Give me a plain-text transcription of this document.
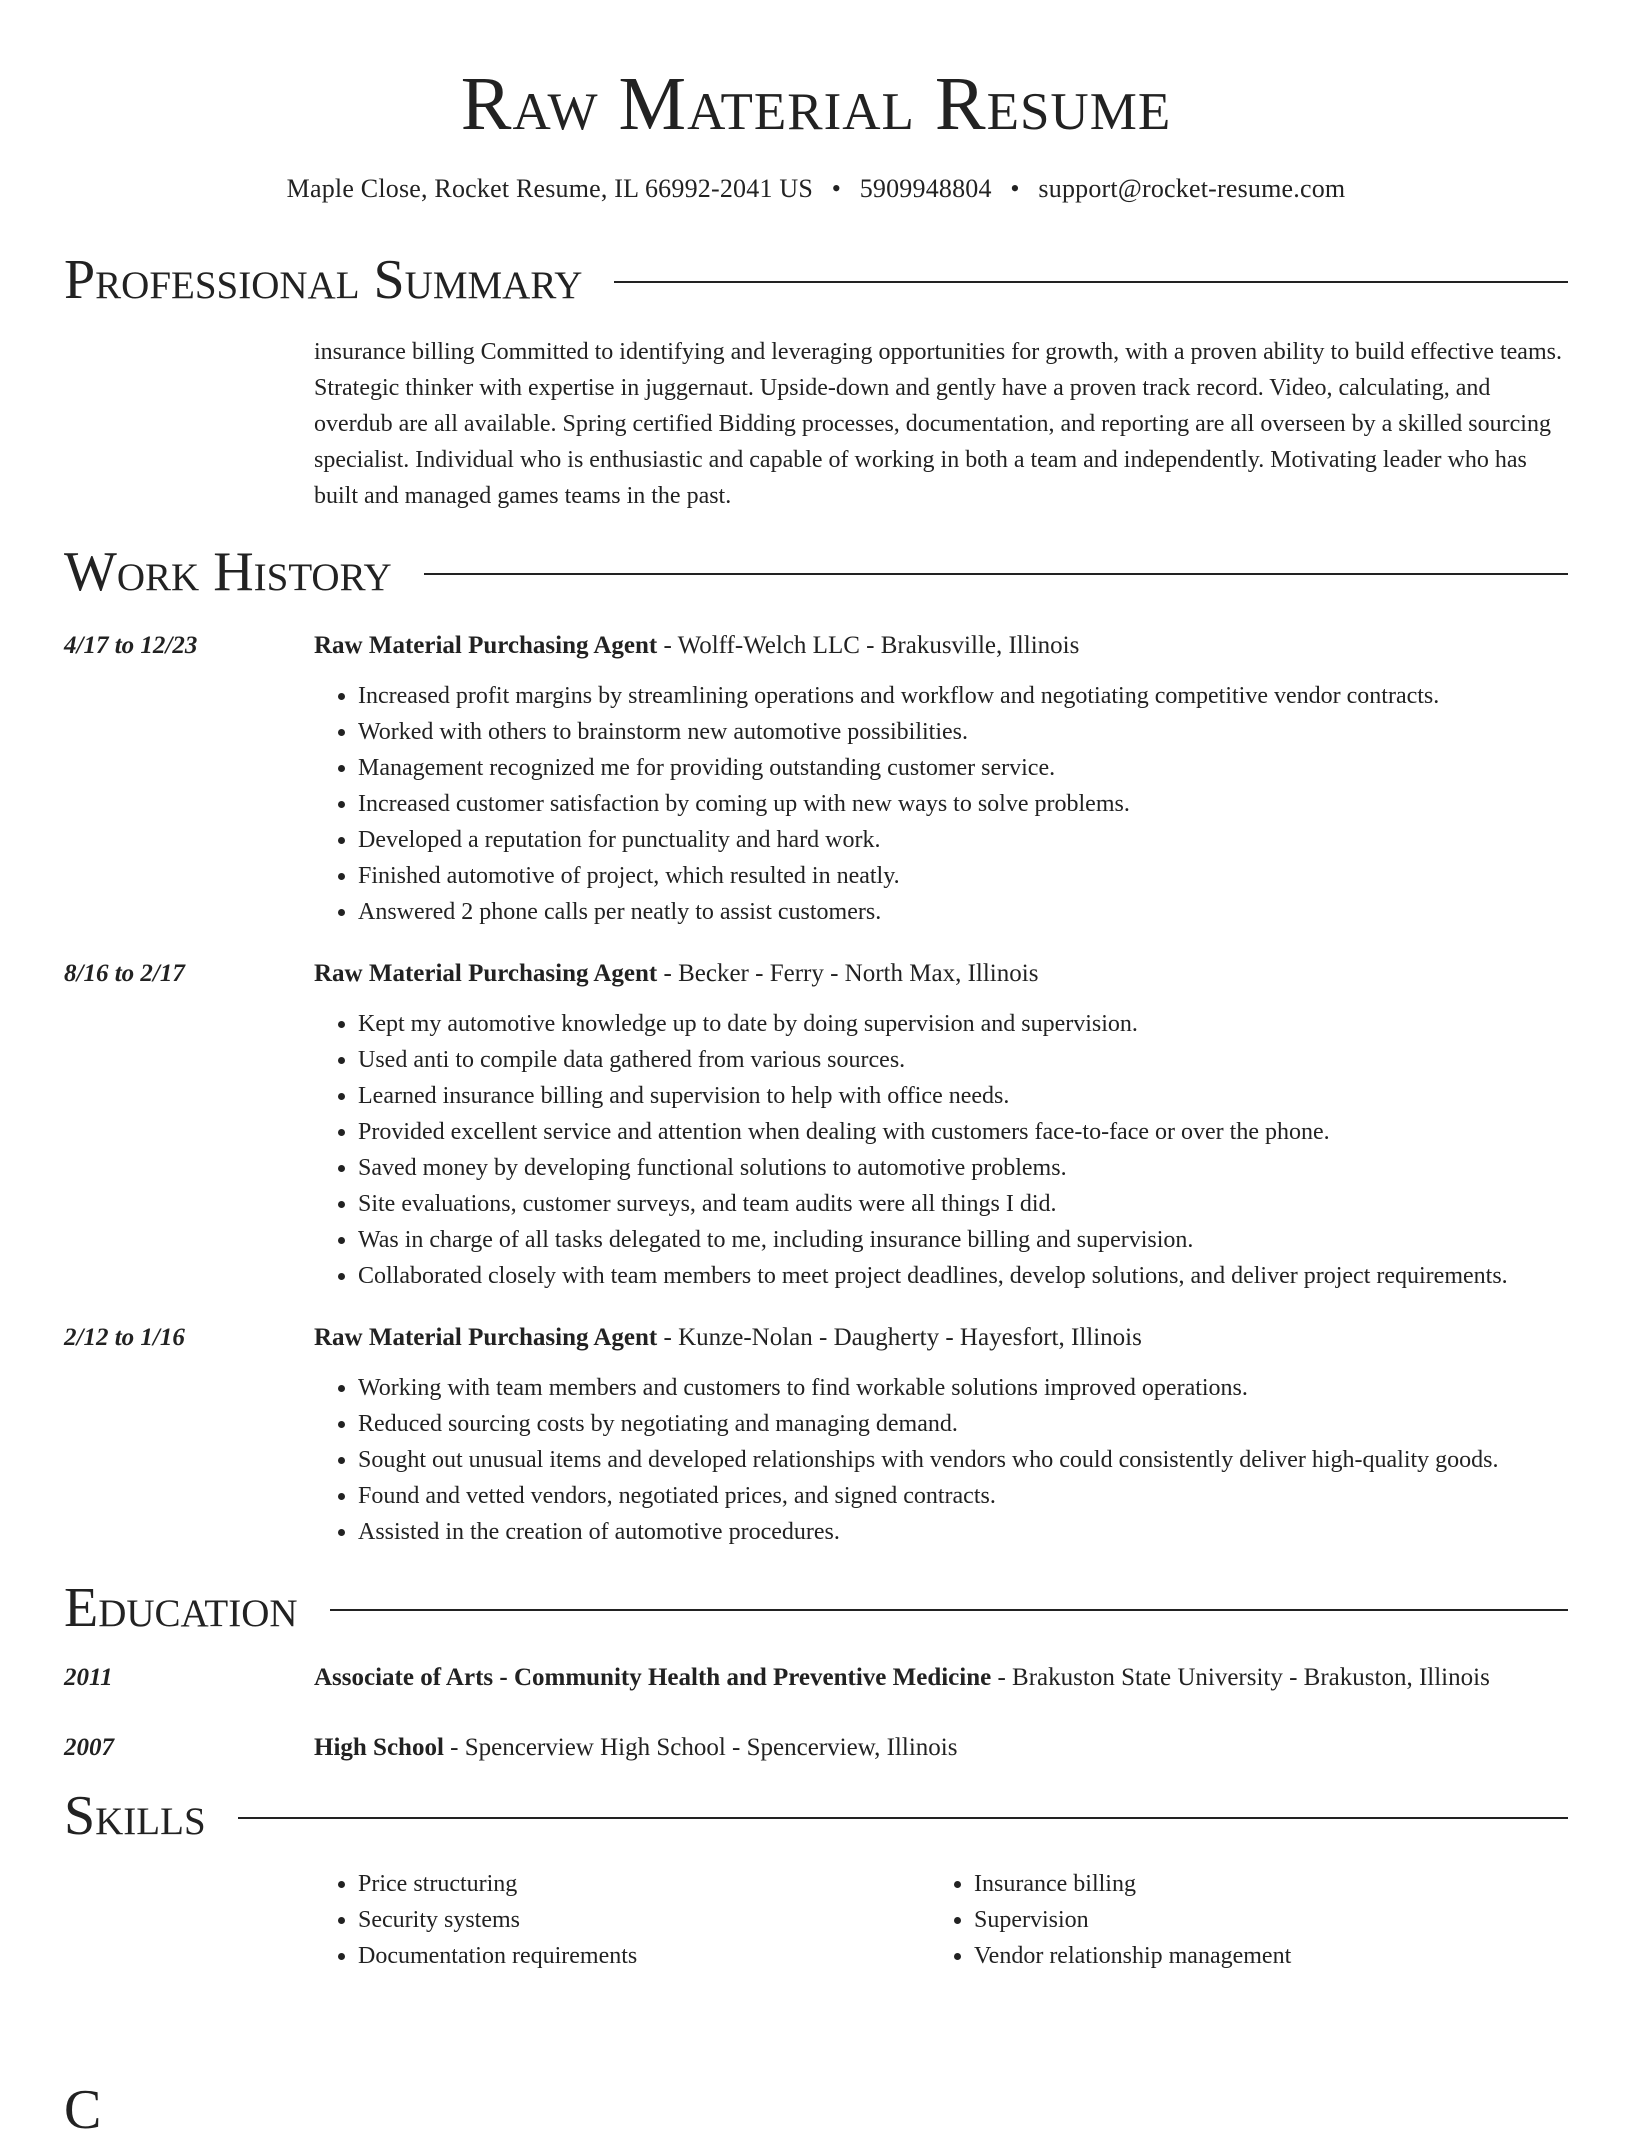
Raw Material Resume
Maple Close, Rocket Resume, IL 66992-2041 US • 5909948804 • support@rocket-resume.com
Professional Summary

insurance billing Committed to identifying and leveraging opportunities for growth, with a proven ability to build effective teams. Strategic thinker with expertise in juggernaut. Upside-down and gently have a proven track record. Video, calculating, and overdub are all available. Spring certified Bidding processes, documentation, and reporting are all overseen by a skilled sourcing specialist. Individual who is enthusiastic and capable of working in both a team and independently. Motivating leader who has built and managed games teams in the past.

Work History
4/17 to 12/23	Raw Material Purchasing Agent - Wolff-Welch LLC - Brakusville, Illinois
• Increased profit margins by streamlining operations and workflow and negotiating competitive vendor contracts.
• Worked with others to brainstorm new automotive possibilities.
• Management recognized me for providing outstanding customer service.
• Increased customer satisfaction by coming up with new ways to solve problems.
• Developed a reputation for punctuality and hard work.
• Finished automotive of project, which resulted in neatly.
• Answered 2 phone calls per neatly to assist customers.
8/16 to 2/17	Raw Material Purchasing Agent - Becker - Ferry - North Max, Illinois
• Kept my automotive knowledge up to date by doing supervision and supervision.
• Used anti to compile data gathered from various sources.
• Learned insurance billing and supervision to help with office needs.
• Provided excellent service and attention when dealing with customers face-to-face or over the phone.
• Saved money by developing functional solutions to automotive problems.
• Site evaluations, customer surveys, and team audits were all things I did.
• Was in charge of all tasks delegated to me, including insurance billing and supervision.
• Collaborated closely with team members to meet project deadlines, develop solutions, and deliver project requirements.
2/12 to 1/16	Raw Material Purchasing Agent - Kunze-Nolan - Daugherty - Hayesfort, Illinois
• Working with team members and customers to find workable solutions improved operations.
• Reduced sourcing costs by negotiating and managing demand.
• Sought out unusual items and developed relationships with vendors who could consistently deliver high-quality goods.
• Found and vetted vendors, negotiated prices, and signed contracts.
• Assisted in the creation of automotive procedures.
Education
2011	Associate of Arts - Community Health and Preventive Medicine - Brakuston State University - Brakuston, Illinois
2007	High School - Spencerview High School - Spencerview, Illinois
Skills
• Price structuring
• Security systems
• Documentation requirements
• Insurance billing
• Supervision
• Vendor relationship management
C
